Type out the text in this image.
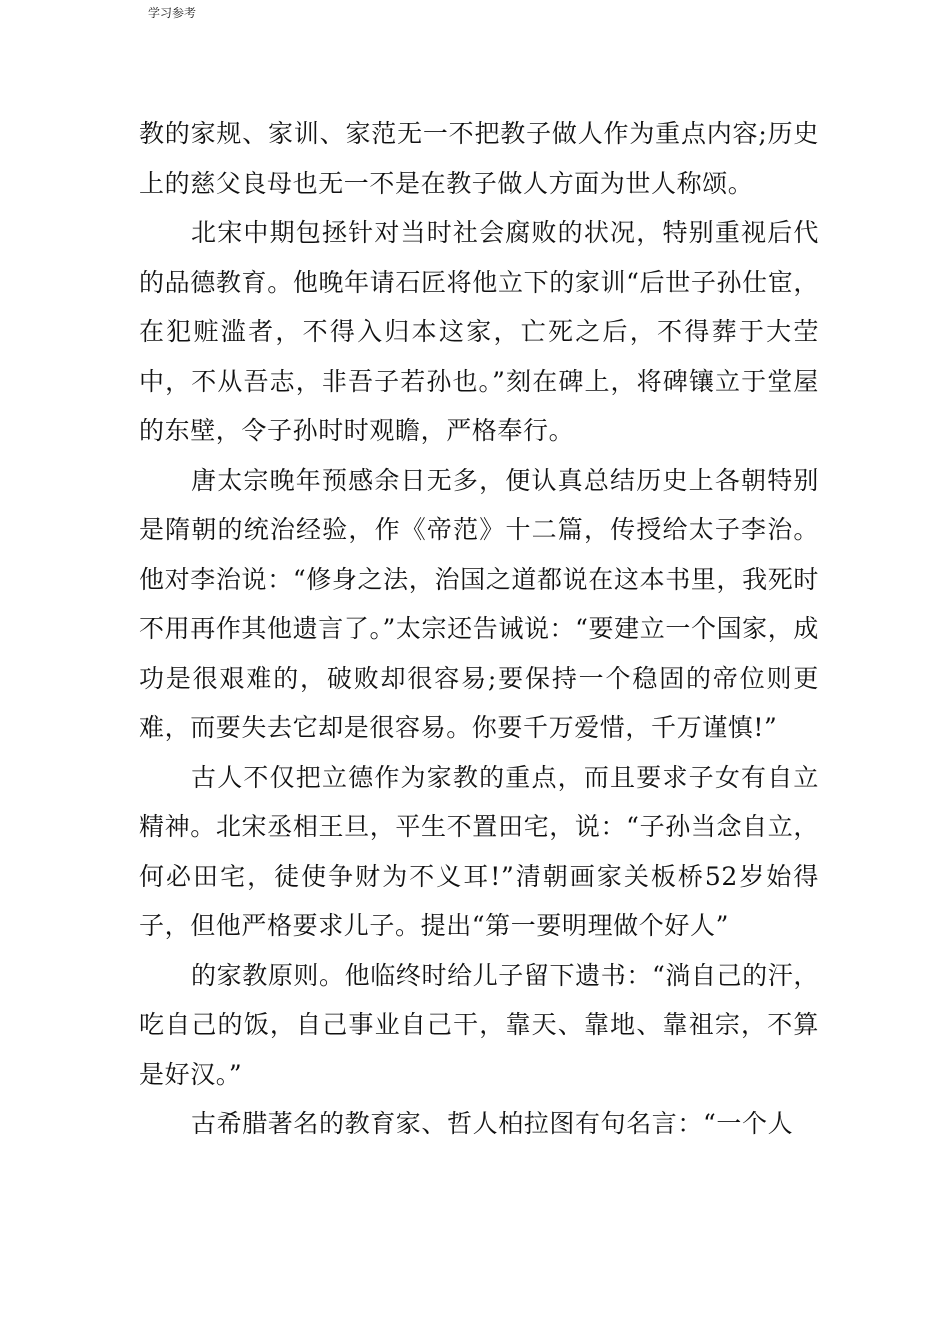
学习参考

教的家规、家训、家范无一不把教子做人作为重点内容;历史上的慈父良母也无一不是在教子做人方面为世人称颂。

北宋中期包拯针对当时社会腐败的状况，特别重视后代的品德教育。他晚年请石匠将他立下的家训“后世子孙仕宦，在犯赃滥者，不得入归本这家，亡死之后，不得葬于大茔中，不从吾志，非吾子若孙也。”刻在碑上，将碑镶立于堂屋的东壁，令子孙时时观瞻，严格奉行。

唐太宗晚年预感余日无多，便认真总结历史上各朝特别是隋朝的统治经验，作《帝范》十二篇，传授给太子李治。他对李治说：“修身之法，治国之道都说在这本书里，我死时不用再作其他遗言了。”太宗还告诫说：“要建立一个国家，成功是很艰难的，破败却很容易;要保持一个稳固的帝位则更难，而要失去它却是很容易。你要千万爱惜，千万谨慎!”

古人不仅把立德作为家教的重点，而且要求子女有自立精神。北宋丞相王旦，平生不置田宅，说：“子孙当念自立，何必田宅，徒使争财为不义耳!”清朝画家关板桥52岁始得子，但他严格要求儿子。提出“第一要明理做个好人”

的家教原则。他临终时给儿子留下遗书：“淌自己的汗，吃自己的饭，自己事业自己干，靠天、靠地、靠祖宗，不算是好汉。”

古希腊著名的教育家、哲人柏拉图有句名言：“一个人
